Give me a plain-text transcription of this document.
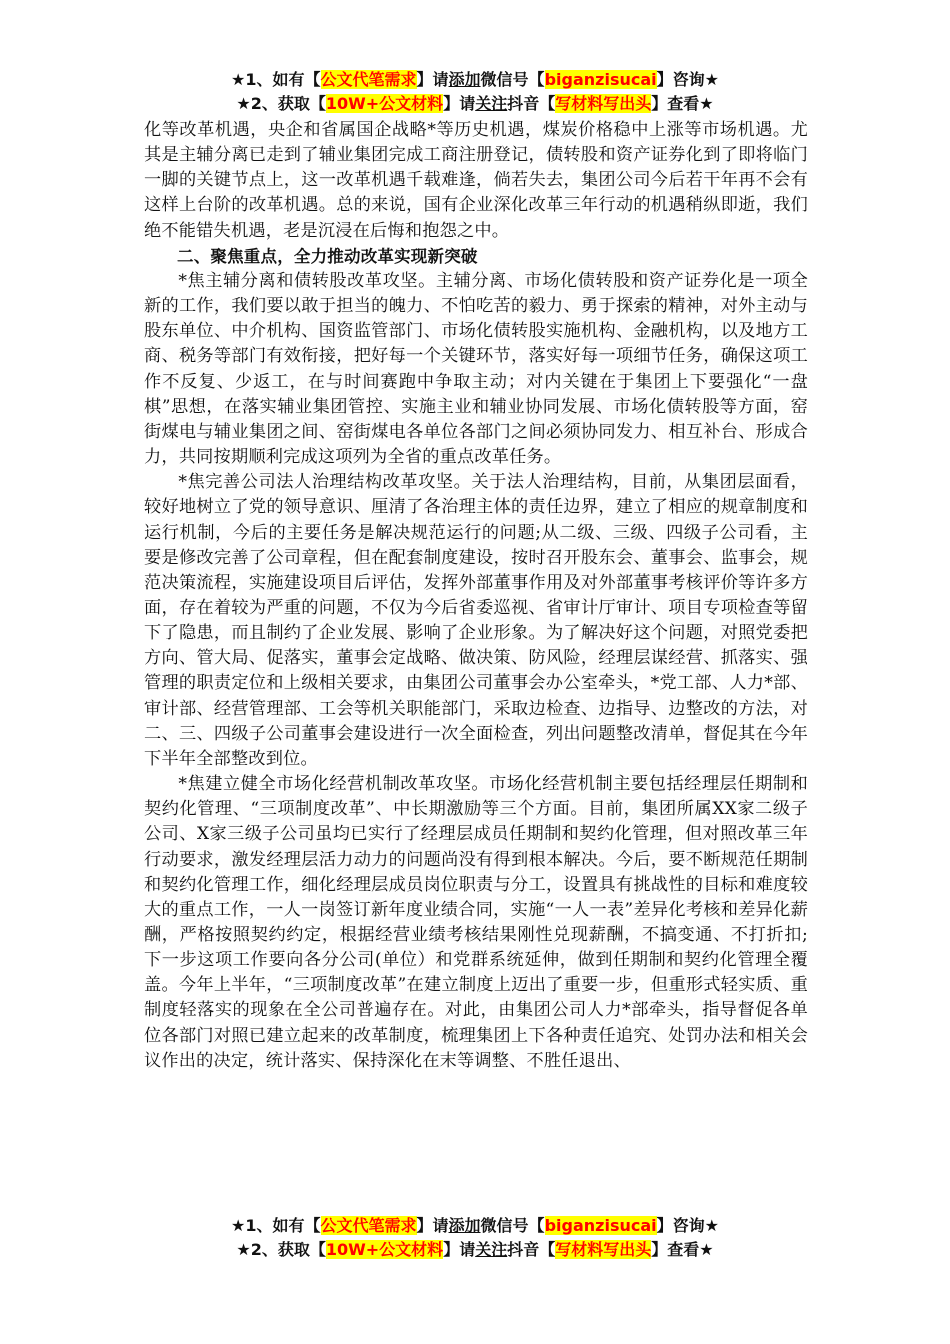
★1、如有【公文代笔需求】请添加微信号【biganzisucai】咨询★
★2、获取【10W+公文材料】请关注抖音【写材料写出头】查看★

化等改革机遇，央企和省属国企战略*等历史机遇，煤炭价格稳中上涨等市场机遇。尤其是主辅分离已走到了辅业集团完成工商注册登记，债转股和资产证券化到了即将临门一脚的关键节点上，这一改革机遇千载难逢，倘若失去，集团公司今后若干年再不会有这样上台阶的改革机遇。总的来说，国有企业深化改革三年行动的机遇稍纵即逝，我们绝不能错失机遇，老是沉浸在后悔和抱怨之中。

二、聚焦重点，全力推动改革实现新突破

*焦主辅分离和债转股改革攻坚。主辅分离、市场化债转股和资产证券化是一项全新的工作，我们要以敢于担当的魄力、不怕吃苦的毅力、勇于探索的精神，对外主动与股东单位、中介机构、国资监管部门、市场化债转股实施机构、金融机构，以及地方工商、税务等部门有效衔接，把好每一个关键环节，落实好每一项细节任务，确保这项工作不反复、少返工，在与时间赛跑中争取主动；对内关键在于集团上下要强化“一盘棋”思想，在落实辅业集团管控、实施主业和辅业协同发展、市场化债转股等方面，窑街煤电与辅业集团之间、窑街煤电各单位各部门之间必须协同发力、相互补台、形成合力，共同按期顺利完成这项列为全省的重点改革任务。

*焦完善公司法人治理结构改革攻坚。关于法人治理结构，目前，从集团层面看，较好地树立了党的领导意识、厘清了各治理主体的责任边界，建立了相应的规章制度和运行机制，今后的主要任务是解决规范运行的问题;从二级、三级、四级子公司看，主要是修改完善了公司章程，但在配套制度建设，按时召开股东会、董事会、监事会，规范决策流程，实施建设项目后评估，发挥外部董事作用及对外部董事考核评价等许多方面，存在着较为严重的问题，不仅为今后省委巡视、省审计厅审计、项目专项检查等留下了隐患，而且制约了企业发展、影响了企业形象。为了解决好这个问题，对照党委把方向、管大局、促落实，董事会定战略、做决策、防风险，经理层谋经营、抓落实、强管理的职责定位和上级相关要求，由集团公司董事会办公室牵头，*党工部、人力*部、审计部、经营管理部、工会等机关职能部门，采取边检查、边指导、边整改的方法，对二、三、四级子公司董事会建设进行一次全面检查，列出问题整改清单，督促其在今年下半年全部整改到位。

*焦建立健全市场化经营机制改革攻坚。市场化经营机制主要包括经理层任期制和契约化管理、“三项制度改革”、中长期激励等三个方面。目前，集团所属XX家二级子公司、X家三级子公司虽均已实行了经理层成员任期制和契约化管理，但对照改革三年行动要求，激发经理层活力动力的问题尚没有得到根本解决。今后，要不断规范任期制和契约化管理工作，细化经理层成员岗位职责与分工，设置具有挑战性的目标和难度较大的重点工作，一人一岗签订新年度业绩合同，实施“一人一表”差异化考核和差异化薪酬，严格按照契约约定，根据经营业绩考核结果刚性兑现薪酬，不搞变通、不打折扣;下一步这项工作要向各分公司(单位）和党群系统延伸，做到任期制和契约化管理全覆盖。今年上半年，“三项制度改革”在建立制度上迈出了重要一步，但重形式轻实质、重制度轻落实的现象在全公司普遍存在。对此，由集团公司人力*部牵头，指导督促各单位各部门对照已建立起来的改革制度，梳理集团上下各种责任追究、处罚办法和相关会议作出的决定，统计落实、保持深化在末等调整、不胜任退出、

★1、如有【公文代笔需求】请添加微信号【biganzisucai】咨询★
★2、获取【10W+公文材料】请关注抖音【写材料写出头】查看★
